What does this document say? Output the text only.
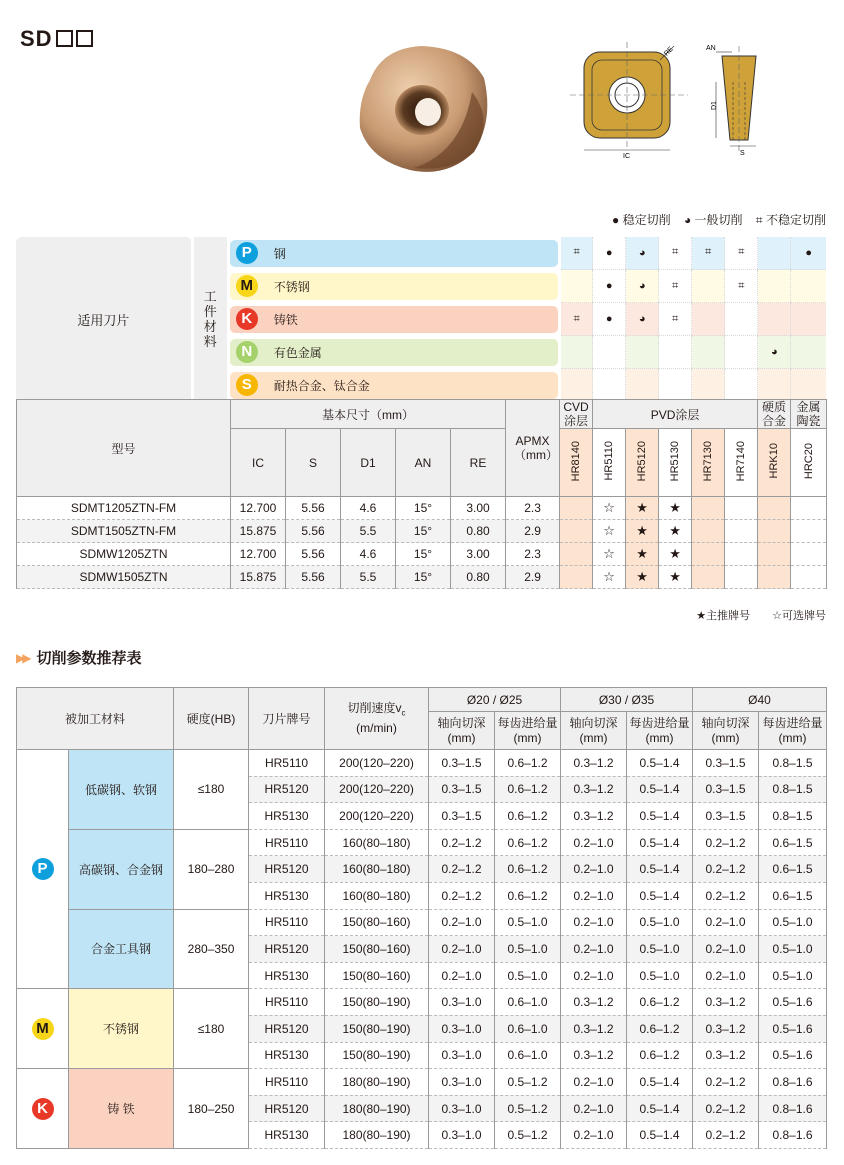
SD
RE
IC
D1
S
AN
● 稳定切削 ◕ 一般切削 ⌗ 不稳定切削
适用刀片	工件材料	P 钢	⌗	●	◕	⌗	⌗	⌗		●

		M 不锈钢		●	◕	⌗		⌗		

		K 铸铁	⌗	●	◕	⌗				

		N 有色金属							◕	

		S 耐热合金、钛合金								

型号	基本尺寸（mm）					APMX（mm）	CVD涂层	PVD涂层					硬质合金	金属陶瓷
	IC	S	D1	AN	RE		HR8140	HR5110	HR5120	HR5130	HR7130	HR7140	HRK10	HRC20

SDMT1205ZTN-FM	12.700	5.56	4.6	15°	3.00	2.3		☆	★	★				
SDMT1505ZTN-FM	15.875	5.56	5.5	15°	0.80	2.9		☆	★	★				
SDMW1205ZTN	12.700	5.56	4.6	15°	3.00	2.3		☆	★	★				
SDMW1505ZTN	15.875	5.56	5.5	15°	0.80	2.9		☆	★	★				
★主推牌号　　☆可选牌号
▶▶ 切削参数推荐表
被加工材料		硬度(HB)	刀片牌号	切削速度$v_c$
(m/min)	Ø20 / Ø25		Ø30 / Ø35		Ø40	
					轴向切深
(mm)	每齿进给量
(mm)	轴向切深
(mm)	每齿进给量
(mm)	轴向切深
(mm)	每齿进给量
(mm)
P	低碳钢、软钢	≤180	HR5110	200(120–220)	0.3–1.5	0.6–1.2	0.3–1.2	0.5–1.4	0.3–1.5	0.8–1.5
			HR5120	200(120–220)	0.3–1.5	0.6–1.2	0.3–1.2	0.5–1.4	0.3–1.5	0.8–1.5
			HR5130	200(120–220)	0.3–1.5	0.6–1.2	0.3–1.2	0.5–1.4	0.3–1.5	0.8–1.5
	高碳钢、合金钢	180–280	HR5110	160(80–180)	0.2–1.2	0.6–1.2	0.2–1.0	0.5–1.4	0.2–1.2	0.6–1.5
			HR5120	160(80–180)	0.2–1.2	0.6–1.2	0.2–1.0	0.5–1.4	0.2–1.2	0.6–1.5
			HR5130	160(80–180)	0.2–1.2	0.6–1.2	0.2–1.0	0.5–1.4	0.2–1.2	0.6–1.5
	合金工具钢	280–350	HR5110	150(80–160)	0.2–1.0	0.5–1.0	0.2–1.0	0.5–1.0	0.2–1.0	0.5–1.0
			HR5120	150(80–160)	0.2–1.0	0.5–1.0	0.2–1.0	0.5–1.0	0.2–1.0	0.5–1.0
			HR5130	150(80–160)	0.2–1.0	0.5–1.0	0.2–1.0	0.5–1.0	0.2–1.0	0.5–1.0
M	不锈钢	≤180	HR5110	150(80–190)	0.3–1.0	0.6–1.0	0.3–1.2	0.6–1.2	0.3–1.2	0.5–1.6
			HR5120	150(80–190)	0.3–1.0	0.6–1.0	0.3–1.2	0.6–1.2	0.3–1.2	0.5–1.6
			HR5130	150(80–190)	0.3–1.0	0.6–1.0	0.3–1.2	0.6–1.2	0.3–1.2	0.5–1.6
K	铸 铁	180–250	HR5110	180(80–190)	0.3–1.0	0.5–1.2	0.2–1.0	0.5–1.4	0.2–1.2	0.8–1.6
			HR5120	180(80–190)	0.3–1.0	0.5–1.2	0.2–1.0	0.5–1.4	0.2–1.2	0.8–1.6
			HR5130	180(80–190)	0.3–1.0	0.5–1.2	0.2–1.0	0.5–1.4	0.2–1.2	0.8–1.6
